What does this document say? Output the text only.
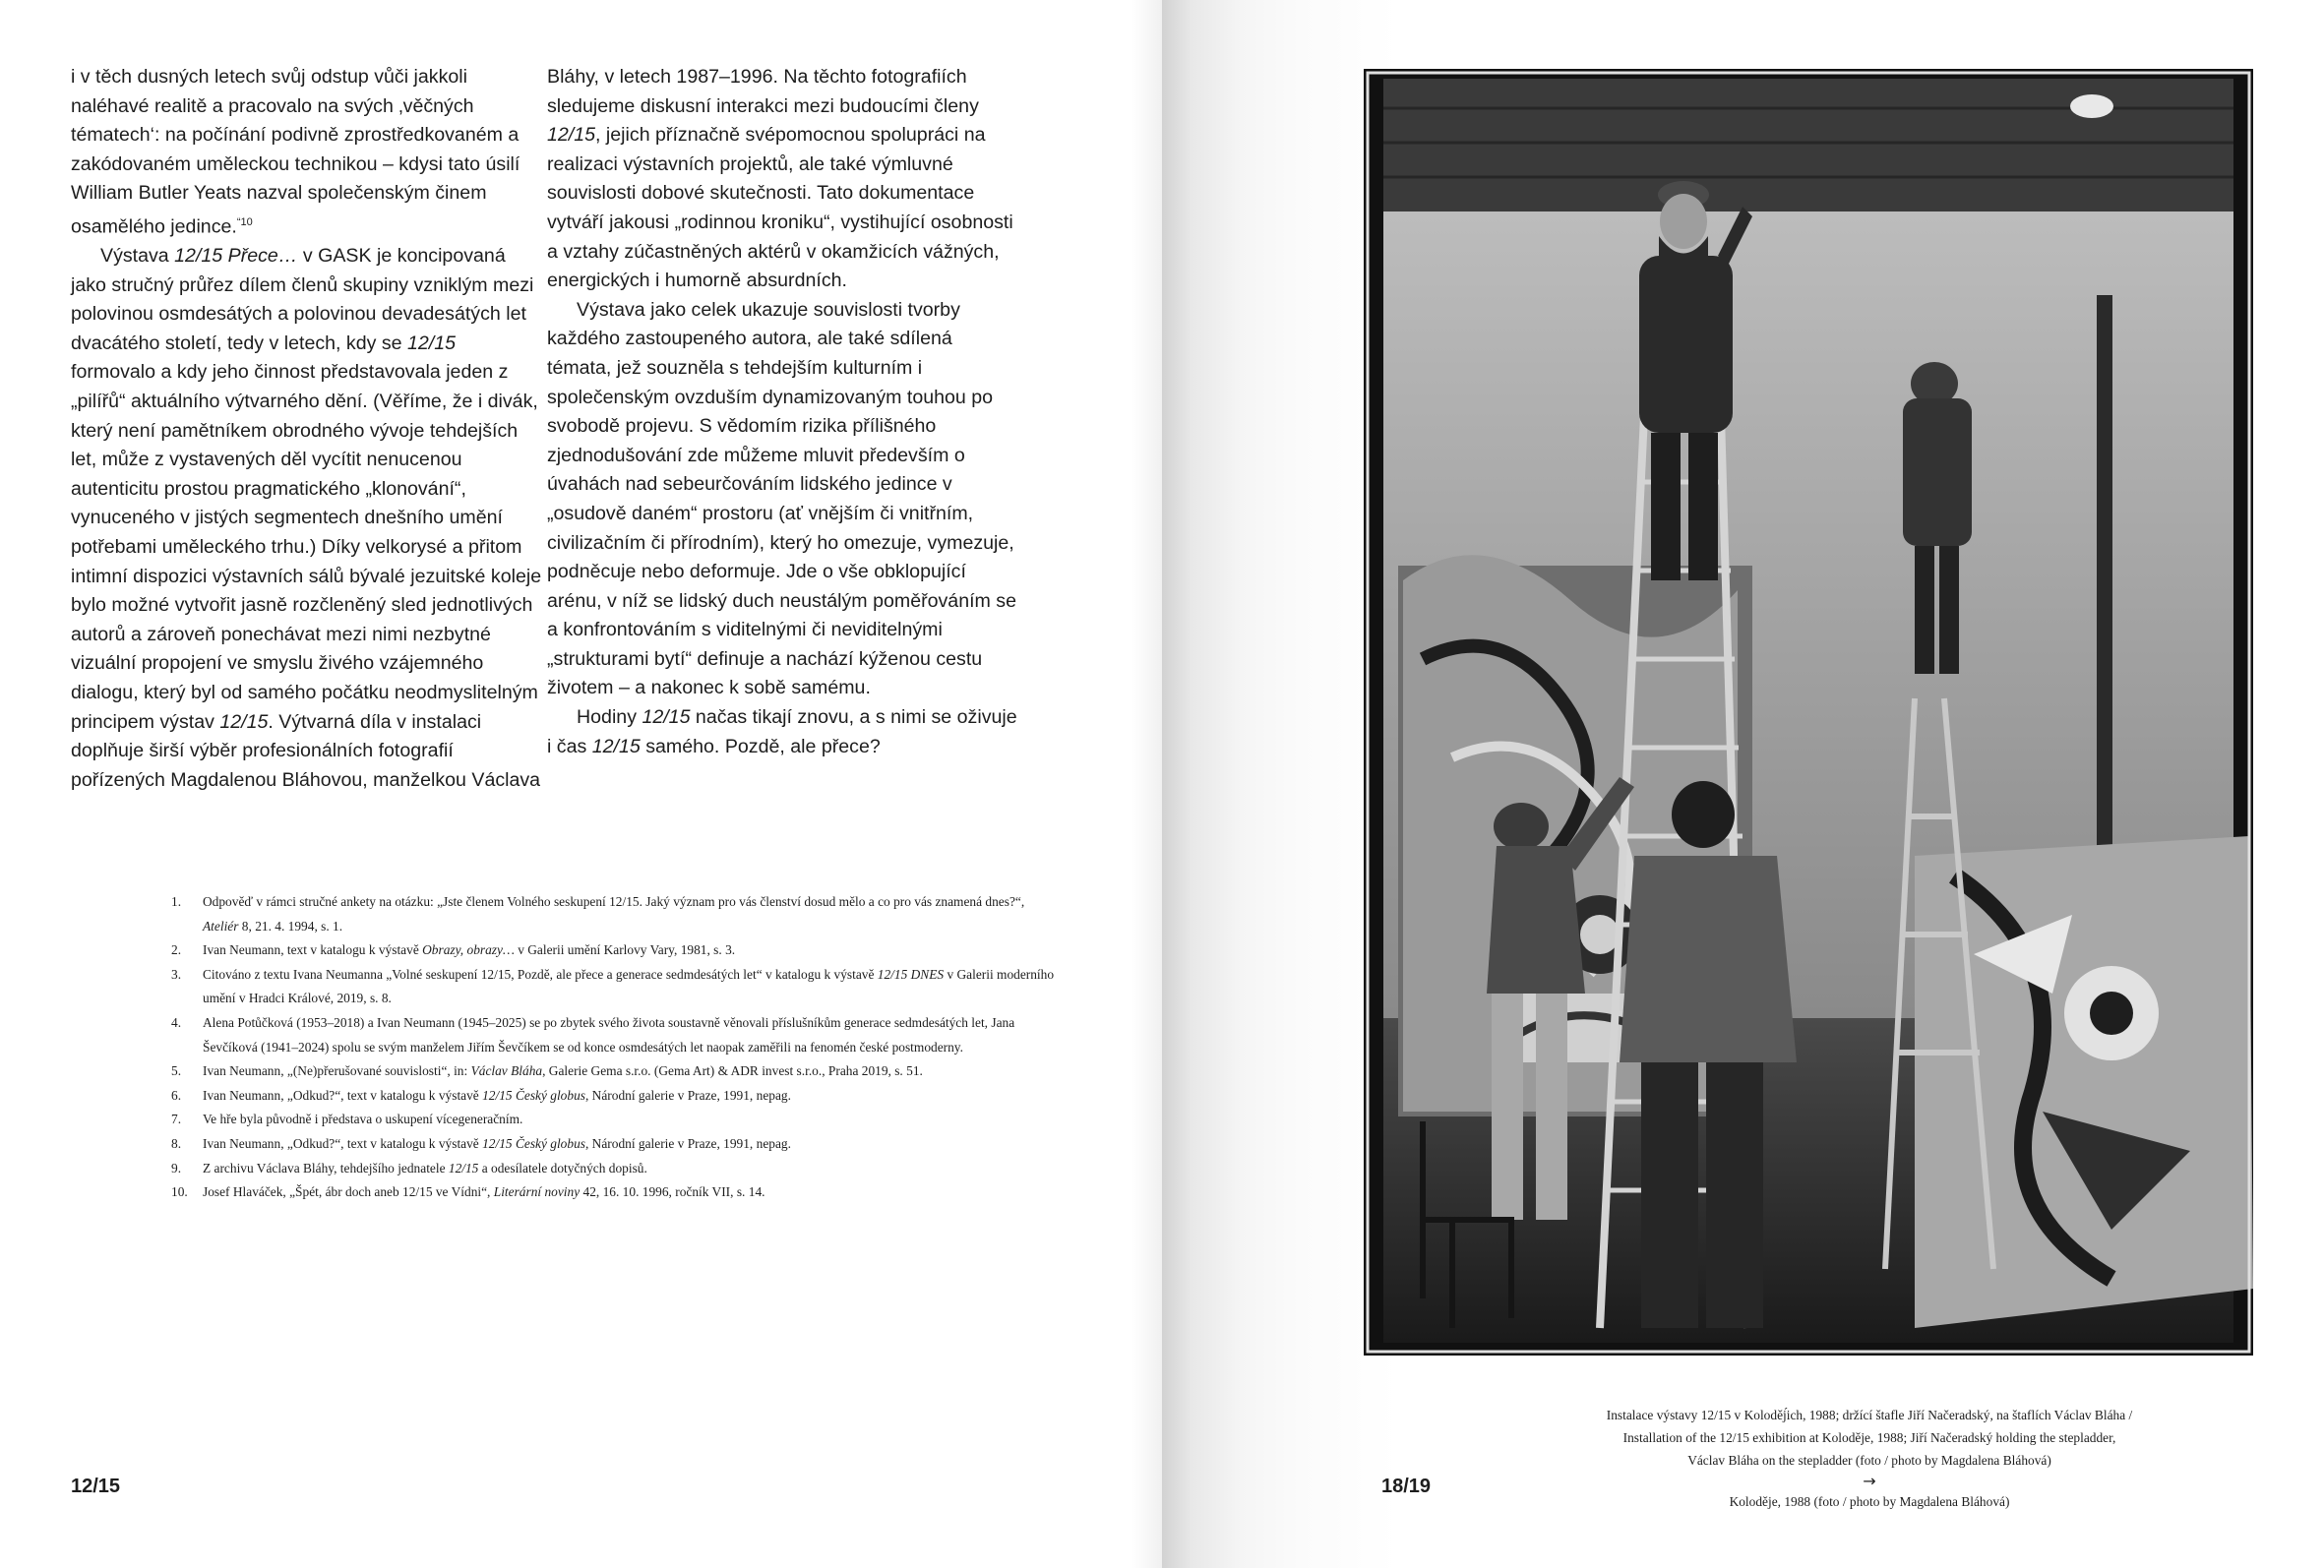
i v těch dusných letech svůj odstup vůči jakkoli naléhavé realitě a pracovalo na svých ‚věčných tématech‘: na počínání podivně zprostředkovaném a zakódovaném uměleckou technikou – kdysi tato úsilí William Butler Yeats nazval společenským činem osamělého jedince.$^{“10}$

Výstava 12/15 Přece… v GASK je koncipovaná jako stručný průřez dílem členů skupiny vzniklým mezi polovinou osmdesátých a polovinou devadesátých let dvacátého století, tedy v letech, kdy se 12/15 formovalo a kdy jeho činnost představovala jeden z „pilířů“ aktuálního výtvarného dění. (Věříme, že i divák, který není pamětníkem obrodného vývoje tehdejších let, může z vystavených děl vycítit nenucenou autenticitu prostou pragmatického „klonování“, vynuceného v jistých segmentech dnešního umění potřebami uměleckého trhu.) Díky velkorysé a přitom intimní dispozici výstavních sálů bývalé jezuitské koleje bylo možné vytvořit jasně rozčleněný sled jednotlivých autorů a zároveň ponechávat mezi nimi nezbytné vizuální propojení ve smyslu živého vzájemného dialogu, který byl od samého počátku neodmyslitelným principem výstav 12/15. Výtvarná díla v instalaci doplňuje širší výběr profesionálních fotografií pořízených Magdalenou Bláhovou, manželkou Václava

Bláhy, v letech 1987–1996. Na těchto fotografiích sledujeme diskusní interakci mezi budoucími členy 12/15, jejich příznačně svépomocnou spolupráci na realizaci výstavních projektů, ale také výmluvné souvislosti dobové skutečnosti. Tato dokumentace vytváří jakousi „rodinnou kroniku“, vystihující osobnosti a vztahy zúčastněných aktérů v okamžicích vážných, energických i humorně absurdních.

Výstava jako celek ukazuje souvislosti tvorby každého zastoupeného autora, ale také sdílená témata, jež souzněla s tehdejším kulturním i společenským ovzduším dynamizovaným touhou po svobodě projevu. S vědomím rizika přílišného zjednodušování zde můžeme mluvit především o úvahách nad sebeurčováním lidského jedince v „osudově daném“ prostoru (ať vnějším či vnitřním, civilizačním či přírodním), který ho omezuje, vymezuje, podněcuje nebo deformuje. Jde o vše obklopující arénu, v níž se lidský duch neustálým poměřováním se a konfrontováním s viditelnými či neviditelnými „strukturami bytí“ definuje a nachází kýženou cestu životem – a nakonec k sobě samému.

Hodiny 12/15 načas tikají znovu, a s nimi se oživuje i čas 12/15 samého. Pozdě, ale přece?

1. Odpověď v rámci stručné ankety na otázku: „Jste členem Volného seskupení 12/15. Jaký význam pro vás členství dosud mělo a co pro vás znamená dnes?“, Ateliér 8, 21. 4. 1994, s. 1.
2. Ivan Neumann, text v katalogu k výstavě Obrazy, obrazy… v Galerii umění Karlovy Vary, 1981, s. 3.
3. Citováno z textu Ivana Neumanna „Volné seskupení 12/15, Pozdě, ale přece a generace sedmdesátých let“ v katalogu k výstavě 12/15 DNES v Galerii moderního umění v Hradci Králové, 2019, s. 8.
4. Alena Potůčková (1953–2018) a Ivan Neumann (1945–2025) se po zbytek svého života soustavně věnovali příslušníkům generace sedmdesátých let, Jana Ševčíková (1941–2024) spolu se svým manželem Jiřím Ševčíkem se od konce osmdesátých let naopak zaměřili na fenomén české postmoderny.
5. Ivan Neumann, „(Ne)přerušované souvislosti“, in: Václav Bláha, Galerie Gema s.r.o. (Gema Art) & ADR invest s.r.o., Praha 2019, s. 51.
6. Ivan Neumann, „Odkud?“, text v katalogu k výstavě 12/15 Český globus, Národní galerie v Praze, 1991, nepag.
7. Ve hře byla původně i představa o uskupení vícegeneračním.
8. Ivan Neumann, „Odkud?“, text v katalogu k výstavě 12/15 Český globus, Národní galerie v Praze, 1991, nepag.
9. Z archivu Václava Bláhy, tehdejšího jednatele 12/15 a odesílatele dotyčných dopisů.
10. Josef Hlaváček, „Špét, ábr doch aneb 12/15 ve Vídni“, Literární noviny 42, 16. 10. 1996, ročník VII, s. 14.
12/15
Instalace výstavy 12/15 v Koloděj́ich, 1988; držící štafle Jiří Načeradský, na štaflích Václav Bláha /
Installation of the 12/15 exhibition at Koloděje, 1988; Jiří Načeradský holding the stepladder,
Václav Bláha on the stepladder (foto / photo by Magdalena Bláhová)
→
Koloděje, 1988 (foto / photo by Magdalena Bláhová)
18/19
